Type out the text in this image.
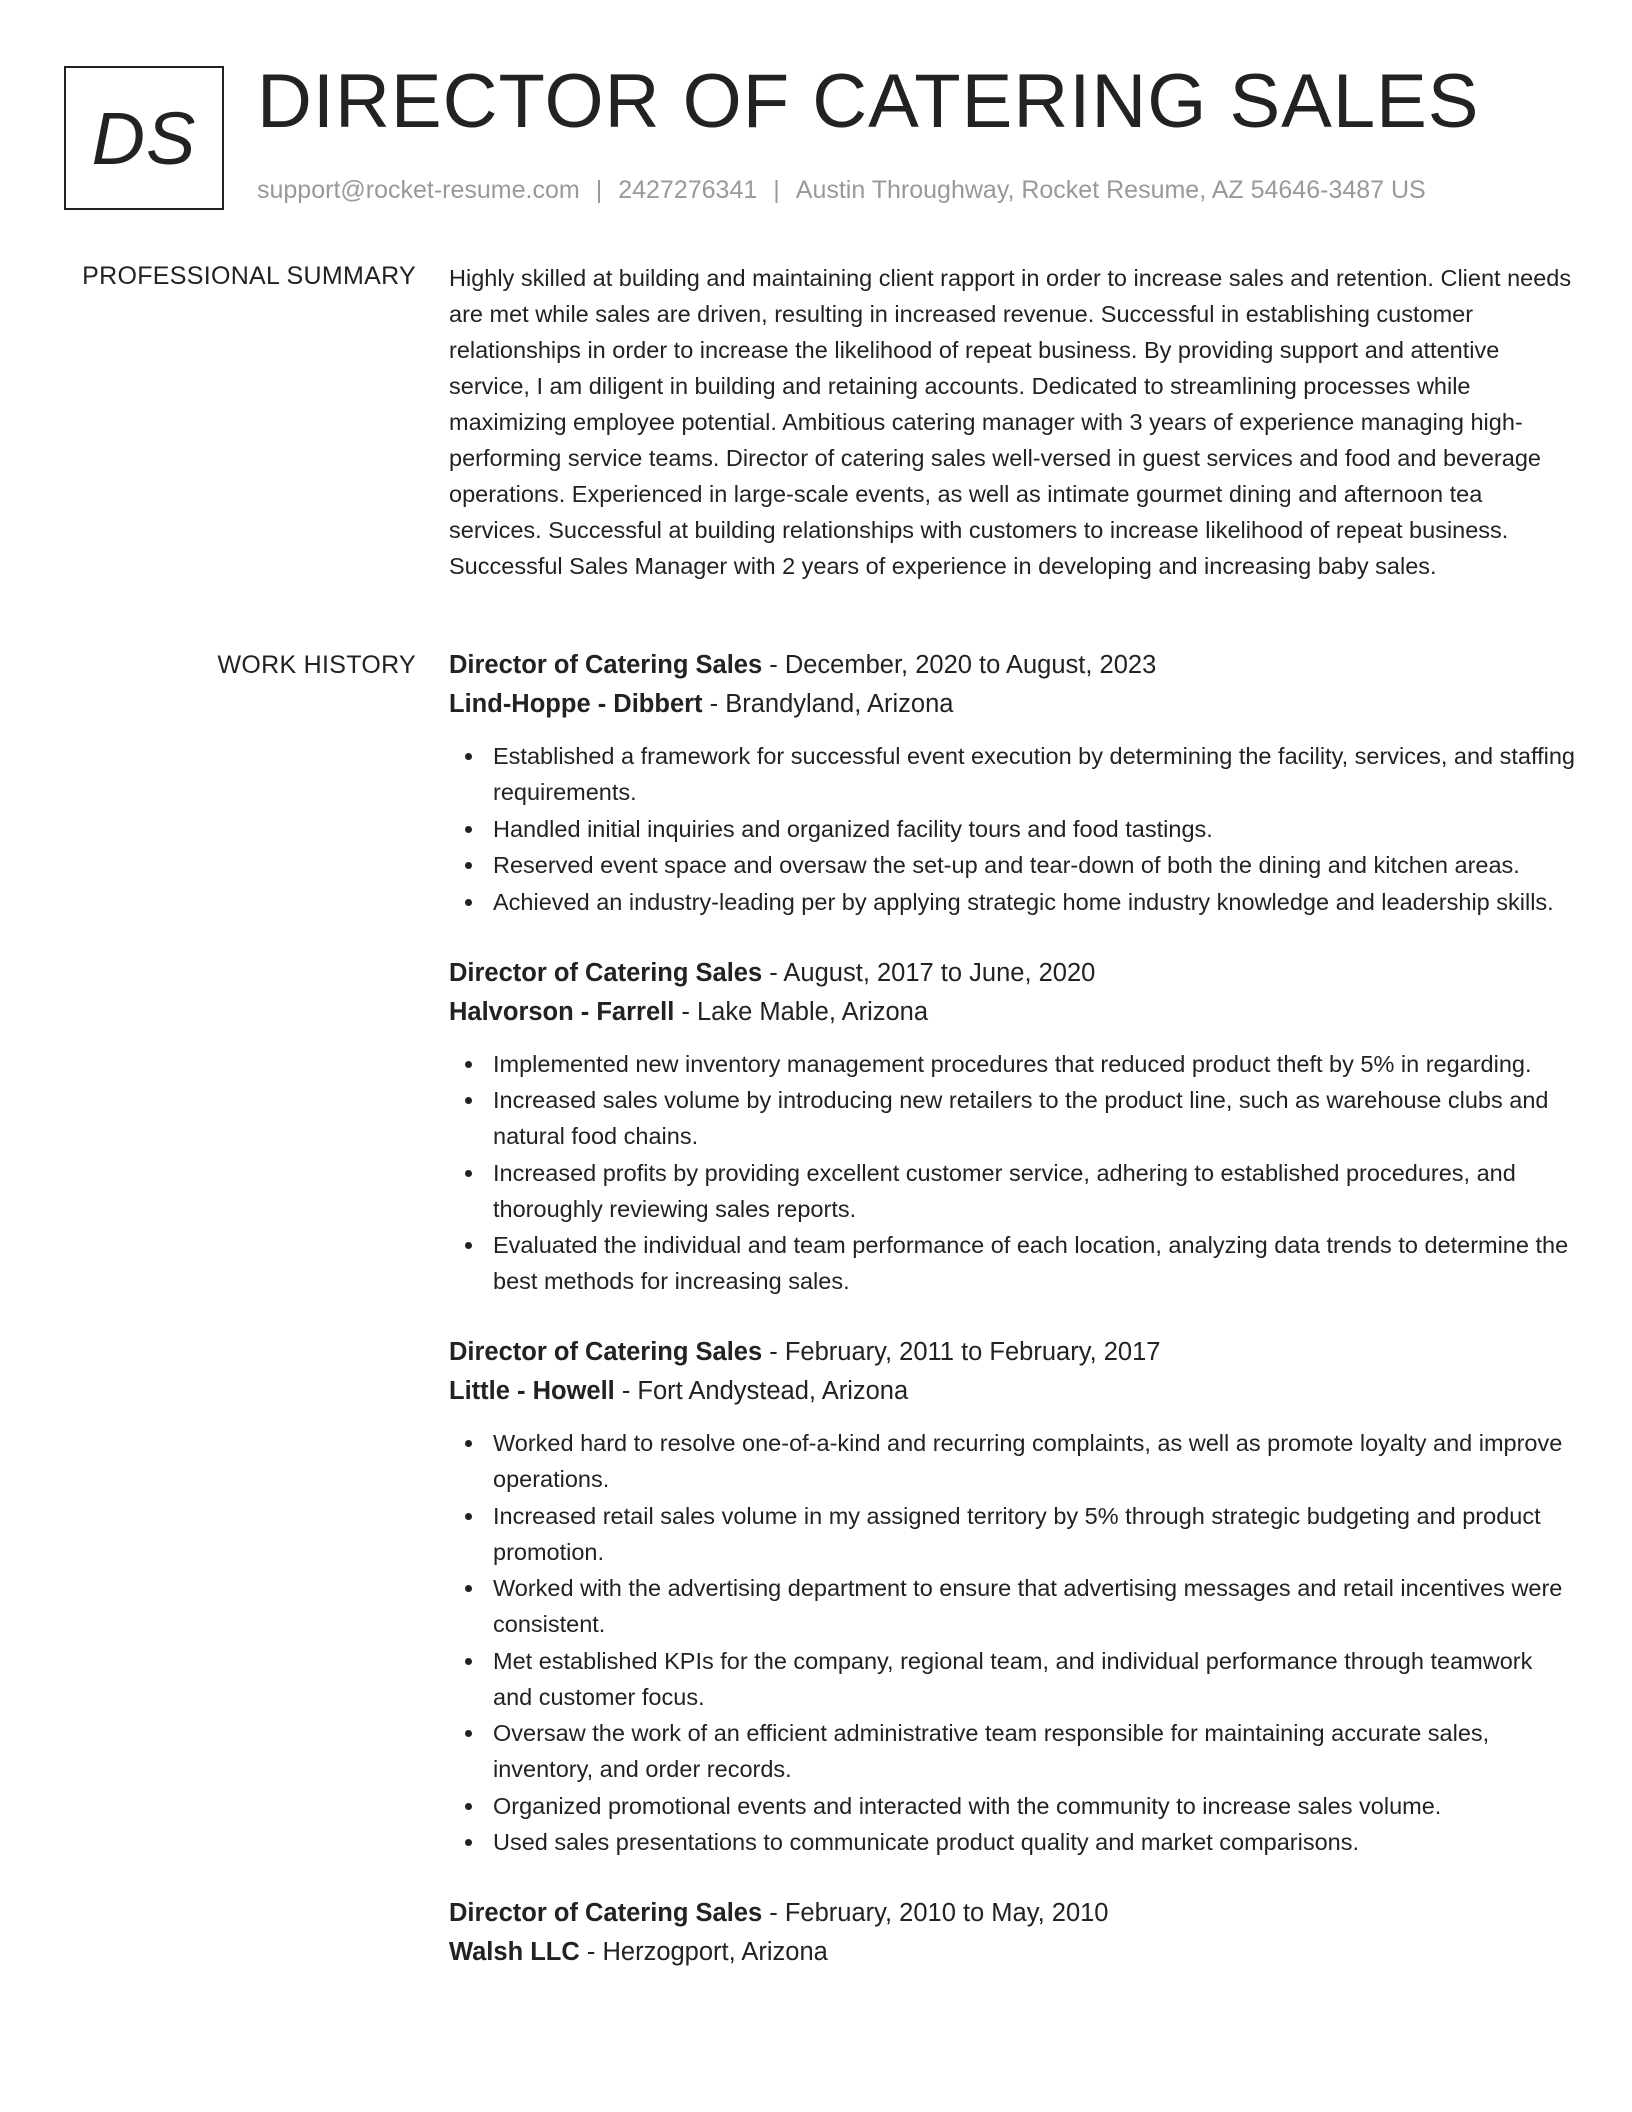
DS DIRECTOR OF CATERING SALES
support@rocket-resume.com | 2427276341 | Austin Throughway, Rocket Resume, AZ 54646-3487 US
PROFESSIONAL SUMMARY Highly skilled at building and maintaining client rapport in order to increase sales and retention. Client needs are met while sales are driven, resulting in increased revenue. Successful in establishing customer relationships in order to increase the likelihood of repeat business. By providing support and attentive service, I am diligent in building and retaining accounts. Dedicated to streamlining processes while maximizing employee potential. Ambitious catering manager with 3 years of experience managing high-performing service teams. Director of catering sales well-versed in guest services and food and beverage operations. Experienced in large-scale events, as well as intimate gourmet dining and afternoon tea services. Successful at building relationships with customers to increase likelihood of repeat business. Successful Sales Manager with 2 years of experience in developing and increasing baby sales.

WORK HISTORY Director of Catering Sales - December, 2020 to August, 2023
Lind-Hoppe - Dibbert - Brandyland, Arizona
Established a framework for successful event execution by determining the facility, services, and staffing requirements.
Handled initial inquiries and organized facility tours and food tastings.
Reserved event space and oversaw the set-up and tear-down of both the dining and kitchen areas.
Achieved an industry-leading per by applying strategic home industry knowledge and leadership skills.
Director of Catering Sales - August, 2017 to June, 2020
Halvorson - Farrell - Lake Mable, Arizona
Implemented new inventory management procedures that reduced product theft by 5% in regarding.
Increased sales volume by introducing new retailers to the product line, such as warehouse clubs and natural food chains.
Increased profits by providing excellent customer service, adhering to established procedures, and thoroughly reviewing sales reports.
Evaluated the individual and team performance of each location, analyzing data trends to determine the best methods for increasing sales.
Director of Catering Sales - February, 2011 to February, 2017
Little - Howell - Fort Andystead, Arizona
Worked hard to resolve one-of-a-kind and recurring complaints, as well as promote loyalty and improve operations.
Increased retail sales volume in my assigned territory by 5% through strategic budgeting and product promotion.
Worked with the advertising department to ensure that advertising messages and retail incentives were consistent.
Met established KPIs for the company, regional team, and individual performance through teamwork and customer focus.
Oversaw the work of an efficient administrative team responsible for maintaining accurate sales, inventory, and order records.
Organized promotional events and interacted with the community to increase sales volume.
Used sales presentations to communicate product quality and market comparisons.
Director of Catering Sales - February, 2010 to May, 2010
Walsh LLC - Herzogport, Arizona
